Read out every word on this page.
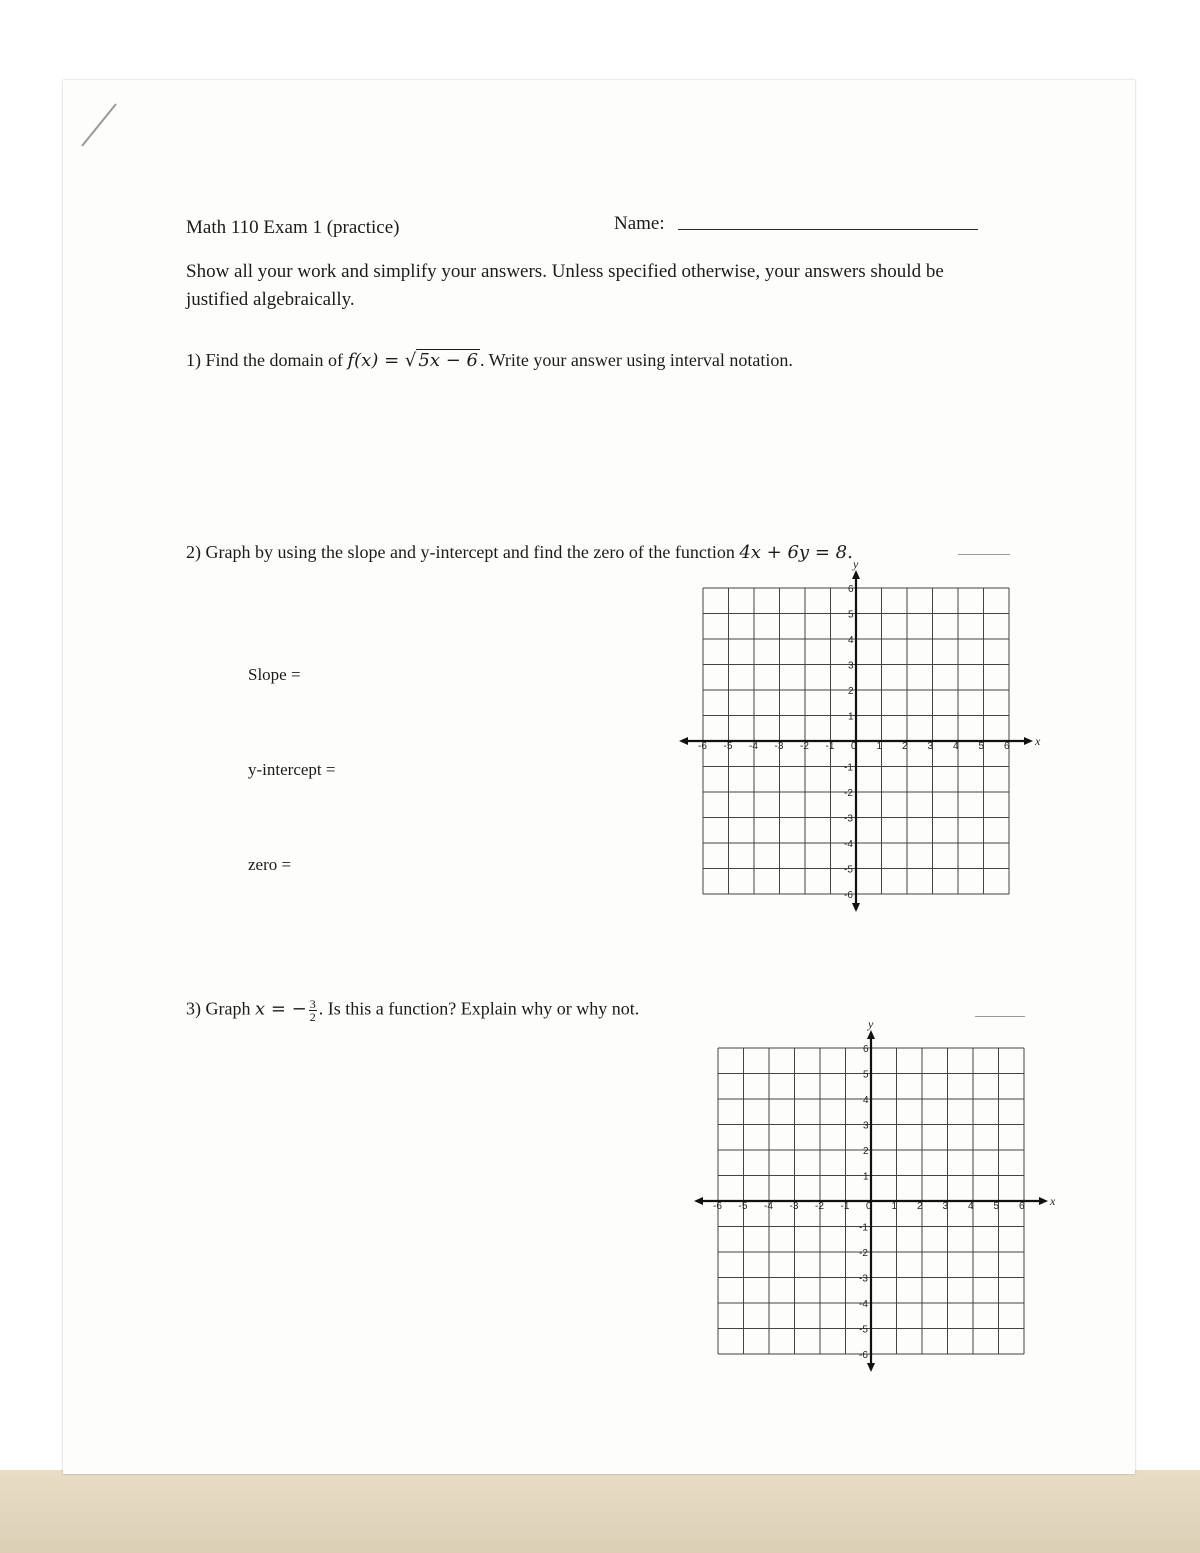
Math 110 Exam 1 (practice)	Name:
Show all your work and simplify your answers. Unless specified otherwise, your answers should be justified algebraically.
1) Find the domain of f(x) = √ 5x − 6 . Write your answer using interval notation.
2) Graph by using the slope and y-intercept and find the zero of the function 4x + 6y = 8.
Slope =
y-intercept =
zero =
x
y
-6 -5 -4 -3 -2 -1 0 1 2 3 4 5 6
1
2
3
4
5
6
-1
-2
-3
-4
-5
-6
3) Graph x = − $\frac{3}{2}$ . Is this a function? Explain why or why not.
x
y
-6 -5 -4 -3 -2 -1 0 1 2 3 4 5 6
1
2
3
4
5
6
-1
-2
-3
-4
-5
-6
